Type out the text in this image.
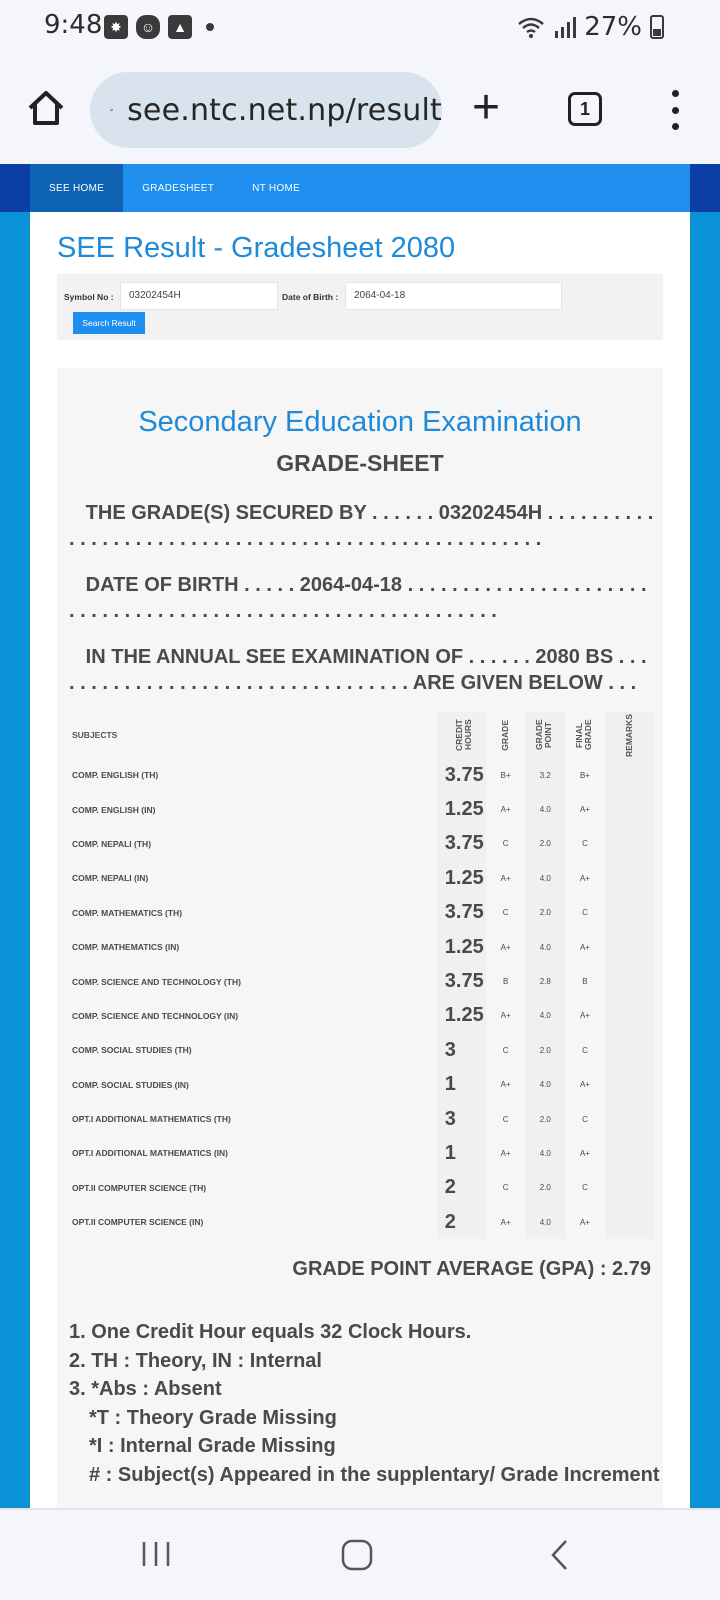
9:48 ✸	☺	▲	27%
see.ntc.net.np/result +	1
SEE HOME	GRADESHEET	NT HOME
SEE Result - Gradesheet 2080
Symbol No :	03202454H	Date of Birth :	2064-04-18
Search Result
Secondary Education Examination
GRADE-SHEET
THE GRADE(S) SECURED BY . . . . . . 03202454H . . . . . . . . . . . . . . . . . . . . . . . . . . . . . . . . . . . . . . . . . . . . . . . . . . . . .
DATE OF BIRTH . . . . . 2064-04-18 . . . . . . . . . . . . . . . . . . . . . . . . . . . . . . . . . . . . . . . . . . . . . . . . . . . . . . . . . . . . .
IN THE ANNUAL SEE EXAMINATION OF . . . . . . 2080 BS . . . . . . . . . . . . . . . . . . . . . . . . . . . . . . . . . . ARE GIVEN BELOW . . .
SUBJECTS	CREDIT HOURS	GRADE	GRADE POINT	FINAL GRADE	REMARKS

COMP. ENGLISH (TH)	3.75	B+	3.2	B+	
COMP. ENGLISH (IN)	1.25	A+	4.0	A+	
COMP. NEPALI (TH)	3.75	C	2.0	C	
COMP. NEPALI (IN)	1.25	A+	4.0	A+	
COMP. MATHEMATICS (TH)	3.75	C	2.0	C	
COMP. MATHEMATICS (IN)	1.25	A+	4.0	A+	
COMP. SCIENCE AND TECHNOLOGY (TH)	3.75	B	2.8	B	
COMP. SCIENCE AND TECHNOLOGY (IN)	1.25	A+	4.0	A+	
COMP. SOCIAL STUDIES (TH)	3	C	2.0	C	
COMP. SOCIAL STUDIES (IN)	1	A+	4.0	A+	
OPT.I ADDITIONAL MATHEMATICS (TH)	3	C	2.0	C	
OPT.I ADDITIONAL MATHEMATICS (IN)	1	A+	4.0	A+	
OPT.II COMPUTER SCIENCE (TH)	2	C	2.0	C	
OPT.II COMPUTER SCIENCE (IN)	2	A+	4.0	A+	
GRADE POINT AVERAGE (GPA) : 2.79
1. One Credit Hour equals 32 Clock Hours.
2. TH : Theory, IN : Internal
3. *Abs : Absent
*T : Theory Grade Missing
*I : Internal Grade Missing
# : Subject(s) Appeared in the supplentary/ Grade Increment
